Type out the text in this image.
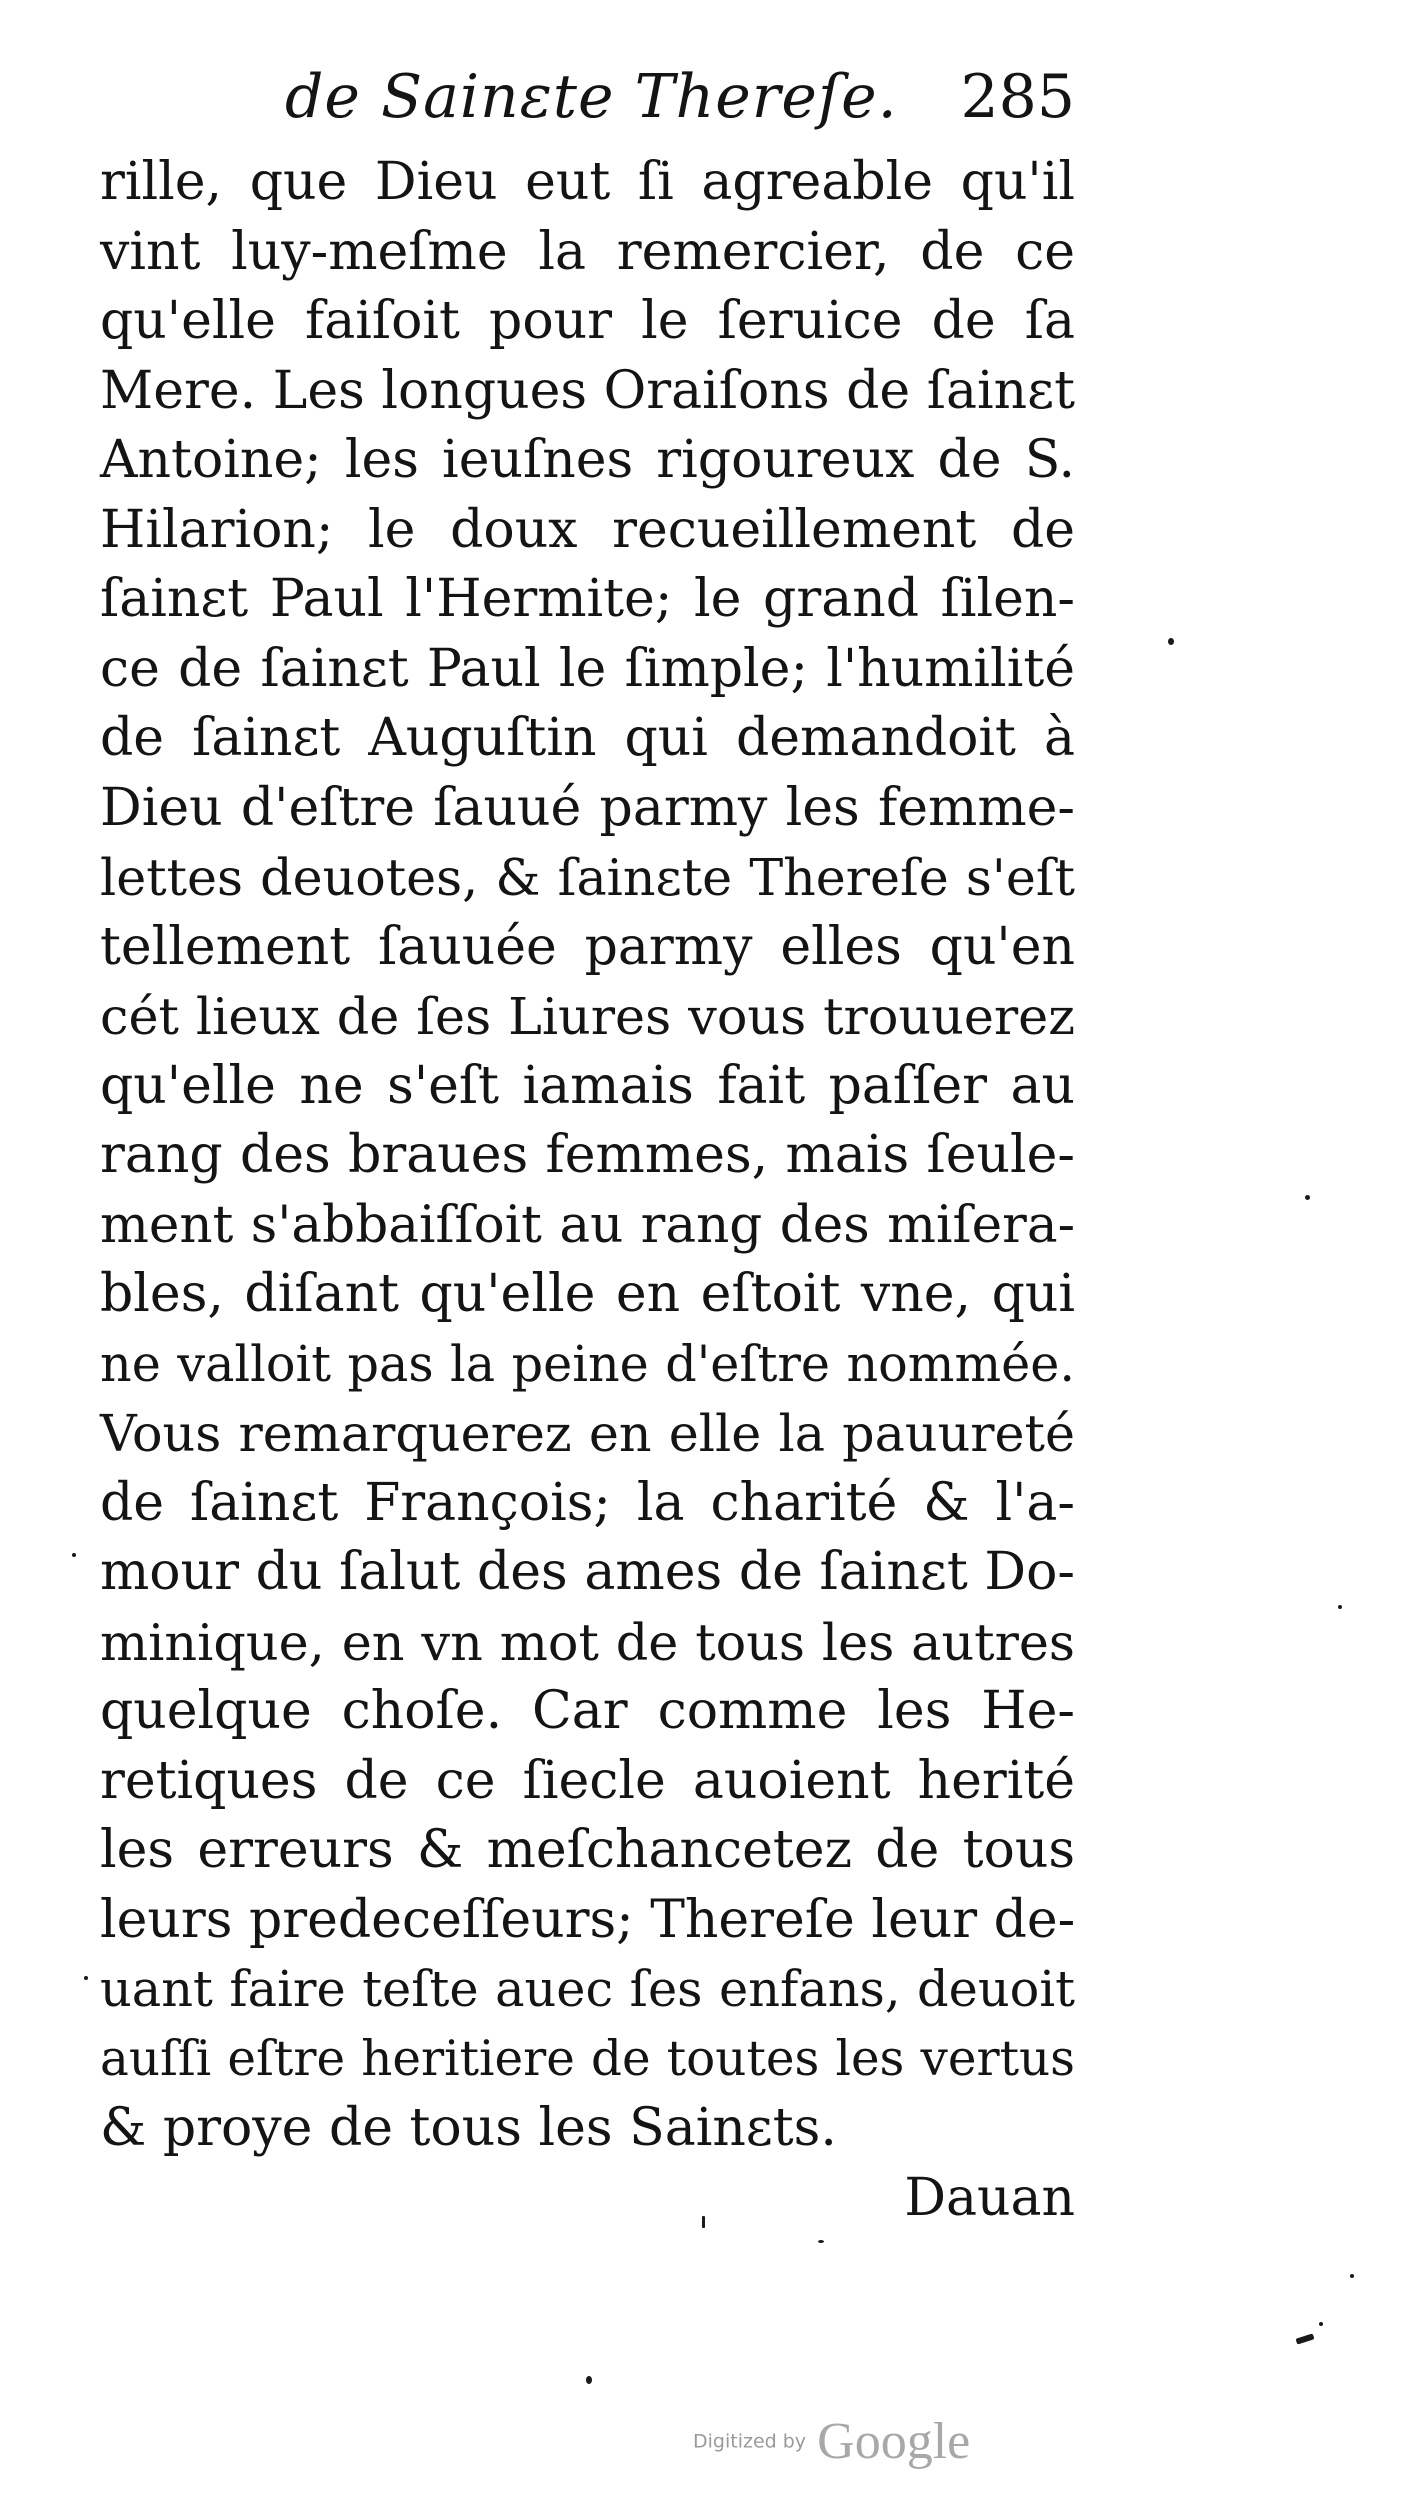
de Sainɛte Thereſe. 285
rille, que Dieu eut ſi agreable qu'il
vint luy-meſme la remercier, de ce
qu'elle faiſoit pour le ſeruice de ſa
Mere. Les longues Oraiſons de ſainɛt
Antoine; les ieuſnes rigoureux de S.
Hilarion; le doux recueillement de
ſainɛt Paul l'Hermite; le grand ſilen-
ce de ſainɛt Paul le ſimple; l'humilité
de ſainɛt Auguſtin qui demandoit à
Dieu d'eſtre ſauué parmy les femme-
lettes deuotes, & ſainɛte Thereſe s'eſt
tellement ſauuée parmy elles qu'en
cét lieux de ſes Liures vous trouuerez
qu'elle ne s'eſt iamais fait paſſer au
rang des braues femmes, mais ſeule-
ment s'abbaiſſoit au rang des miſera-
bles, diſant qu'elle en eſtoit vne, qui
ne valloit pas la peine d'eſtre nommée.
Vous remarquerez en elle la pauureté
de ſainɛt François; la charité & l'a-
mour du ſalut des ames de ſainɛt Do-
minique, en vn mot de tous les autres
quelque choſe. Car comme les He-
retiques de ce ſiecle auoient herité
les erreurs & meſchancetez de tous
leurs predeceſſeurs; Thereſe leur de-
uant faire teſte auec ſes enfans, deuoit
auſſi eſtre heritiere de toutes les vertus
& proye de tous les Sainɛts.
Dauan
Digitized by Google
